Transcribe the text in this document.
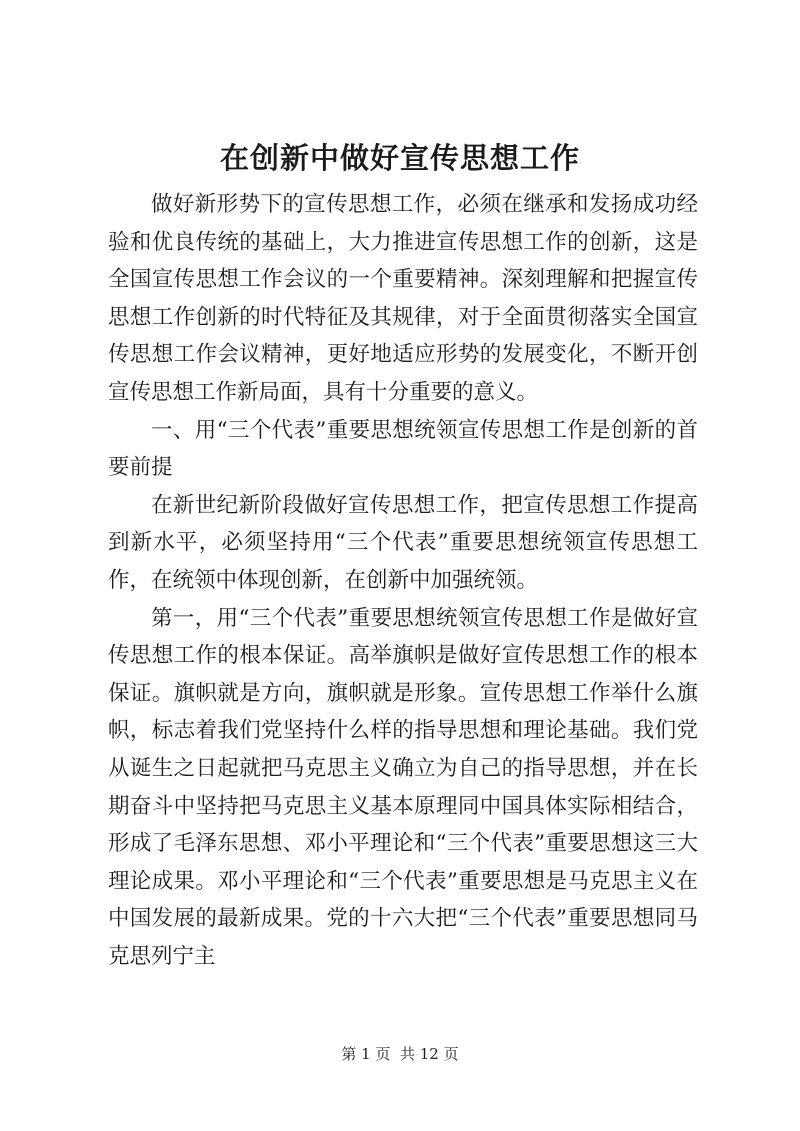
在创新中做好宣传思想工作

做好新形势下的宣传思想工作，必须在继承和发扬成功经验和优良传统的基础上，大力推进宣传思想工作的创新，这是全国宣传思想工作会议的一个重要精神。深刻理解和把握宣传思想工作创新的时代特征及其规律，对于全面贯彻落实全国宣传思想工作会议精神，更好地适应形势的发展变化，不断开创宣传思想工作新局面，具有十分重要的意义。

一、用“三个代表”重要思想统领宣传思想工作是创新的首要前提

在新世纪新阶段做好宣传思想工作，把宣传思想工作提高到新水平，必须坚持用“三个代表”重要思想统领宣传思想工作，在统领中体现创新，在创新中加强统领。

第一，用“三个代表”重要思想统领宣传思想工作是做好宣传思想工作的根本保证。高举旗帜是做好宣传思想工作的根本保证。旗帜就是方向，旗帜就是形象。宣传思想工作举什么旗帜，标志着我们党坚持什么样的指导思想和理论基础。我们党从诞生之日起就把马克思主义确立为自己的指导思想，并在长期奋斗中坚持把马克思主义基本原理同中国具体实际相结合，形成了毛泽东思想、邓小平理论和“三个代表”重要思想这三大理论成果。邓小平理论和“三个代表”重要思想是马克思主义在中国发展的最新成果。党的十六大把“三个代表”重要思想同马克思列宁主

第 1 页  共 12 页
